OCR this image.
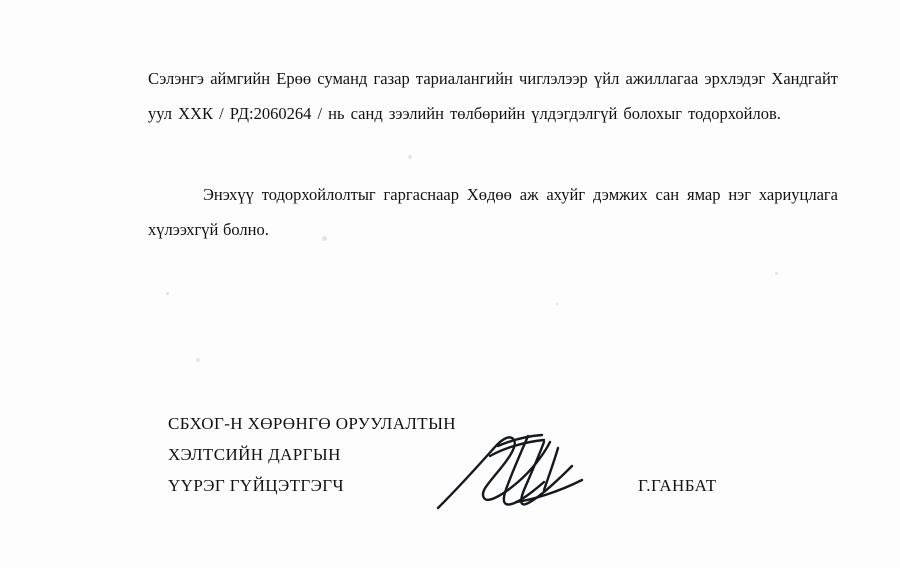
Сэлэнгэ аймгийн Ерөө суманд газар тариалангийн чиглэлээр үйл ажиллагаа эрхлэдэг Хандгайт уул ХХК / РД:2060264 / нь санд зээлийн төлбөрийн үлдэгдэлгүй болохыг тодорхойлов.

Энэхүү тодорхойлолтыг гаргаснаар Хөдөө аж ахуйг дэмжих сан ямар нэг хариуцлага хүлээхгүй болно.

СБХОГ-Н ХӨРӨНГӨ ОРУУЛАЛТЫН
ХЭЛТСИЙН ДАРГЫН
ҮҮРЭГ ГҮЙЦЭТГЭГЧ	Г.ГАНБАТ
